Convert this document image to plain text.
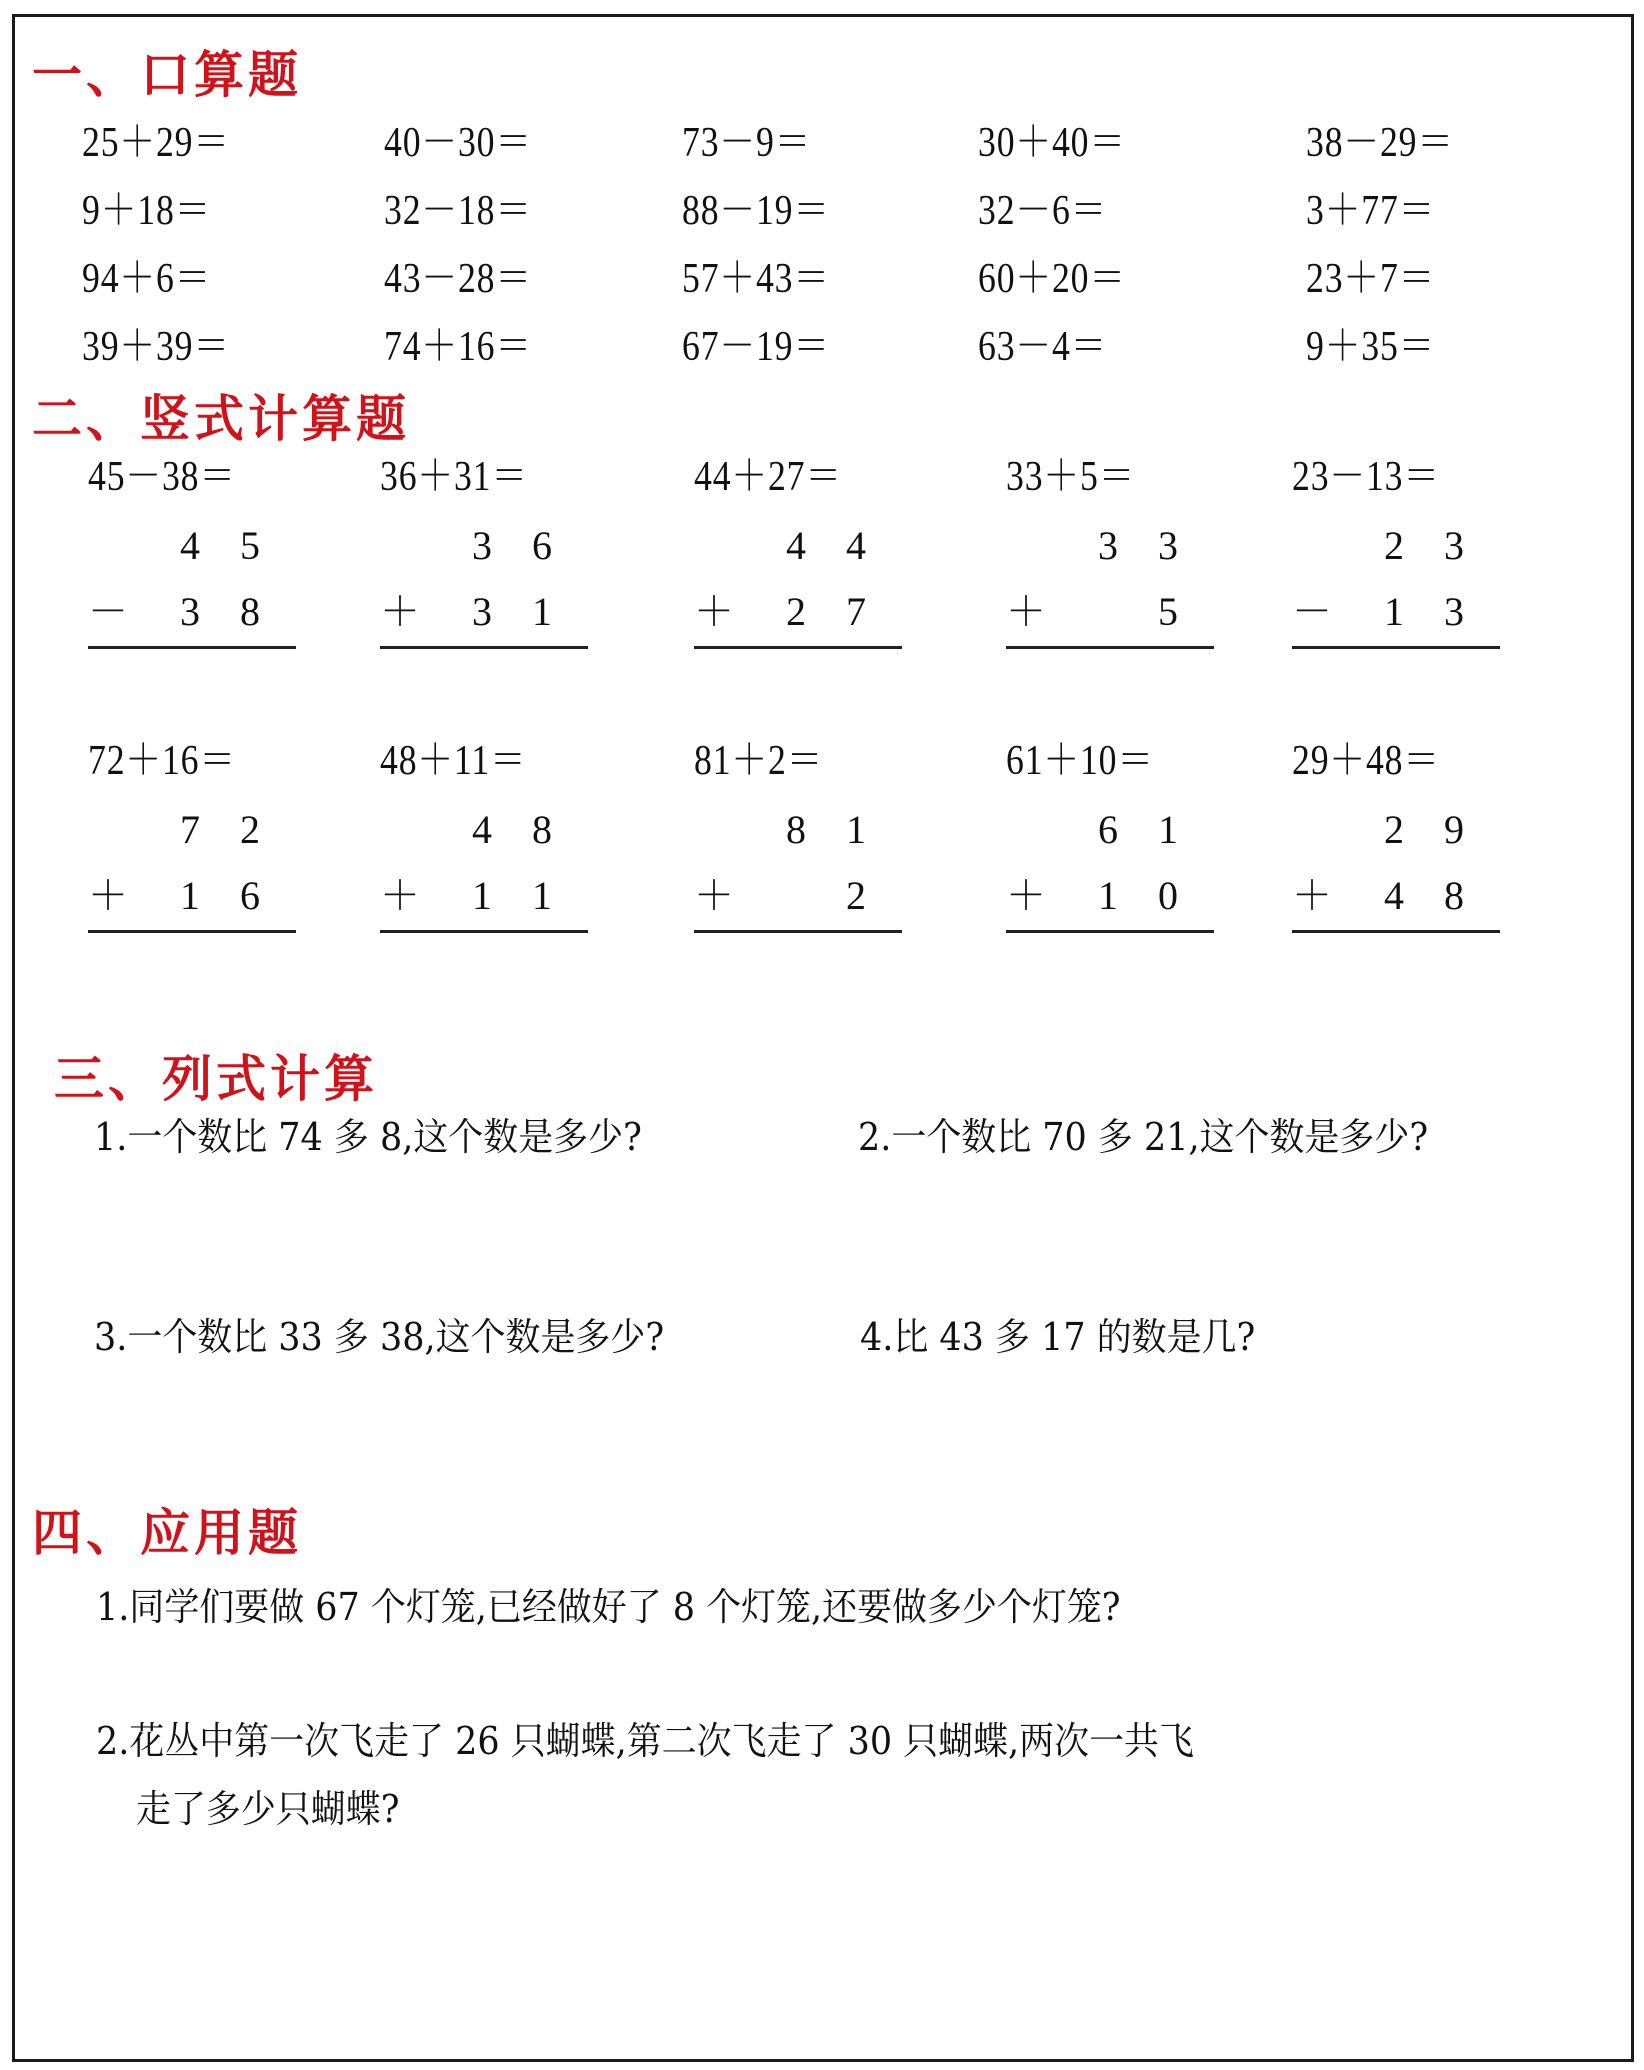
一、口算题
25＋29＝	40－30＝	73－9＝	30＋40＝	38－29＝
9＋18＝	32－18＝	88－19＝	32－6＝	3＋77＝
94＋6＝	43－28＝	57＋43＝	60＋20＝	23＋7＝
39＋39＝	74＋16＝	67－19＝	63－4＝	9＋35＝
二、竖式计算题
45－38＝
4 5
－ 3 8
36＋31＝
3 6
＋ 3 1
44＋27＝
4 4
＋ 2 7
33＋5＝
3 3
＋	5
23－13＝
2 3
－ 1 3
72＋16＝
7 2
＋ 1 6
48＋11＝
4 8
＋ 1 1
81＋2＝
8 1
＋	2
61＋10＝
6 1
＋ 1 0
29＋48＝
2 9
＋ 4 8
三、列式计算
1.一个数比 74 多 8,这个数是多少?	2.一个数比 70 多 21,这个数是多少?
3.一个数比 33 多 38,这个数是多少?	4.比 43 多 17 的数是几?
四、应用题
1.同学们要做 67 个灯笼,已经做好了 8 个灯笼,还要做多少个灯笼?
2.花丛中第一次飞走了 26 只蝴蝶,第二次飞走了 30 只蝴蝶,两次一共飞
走了多少只蝴蝶?
